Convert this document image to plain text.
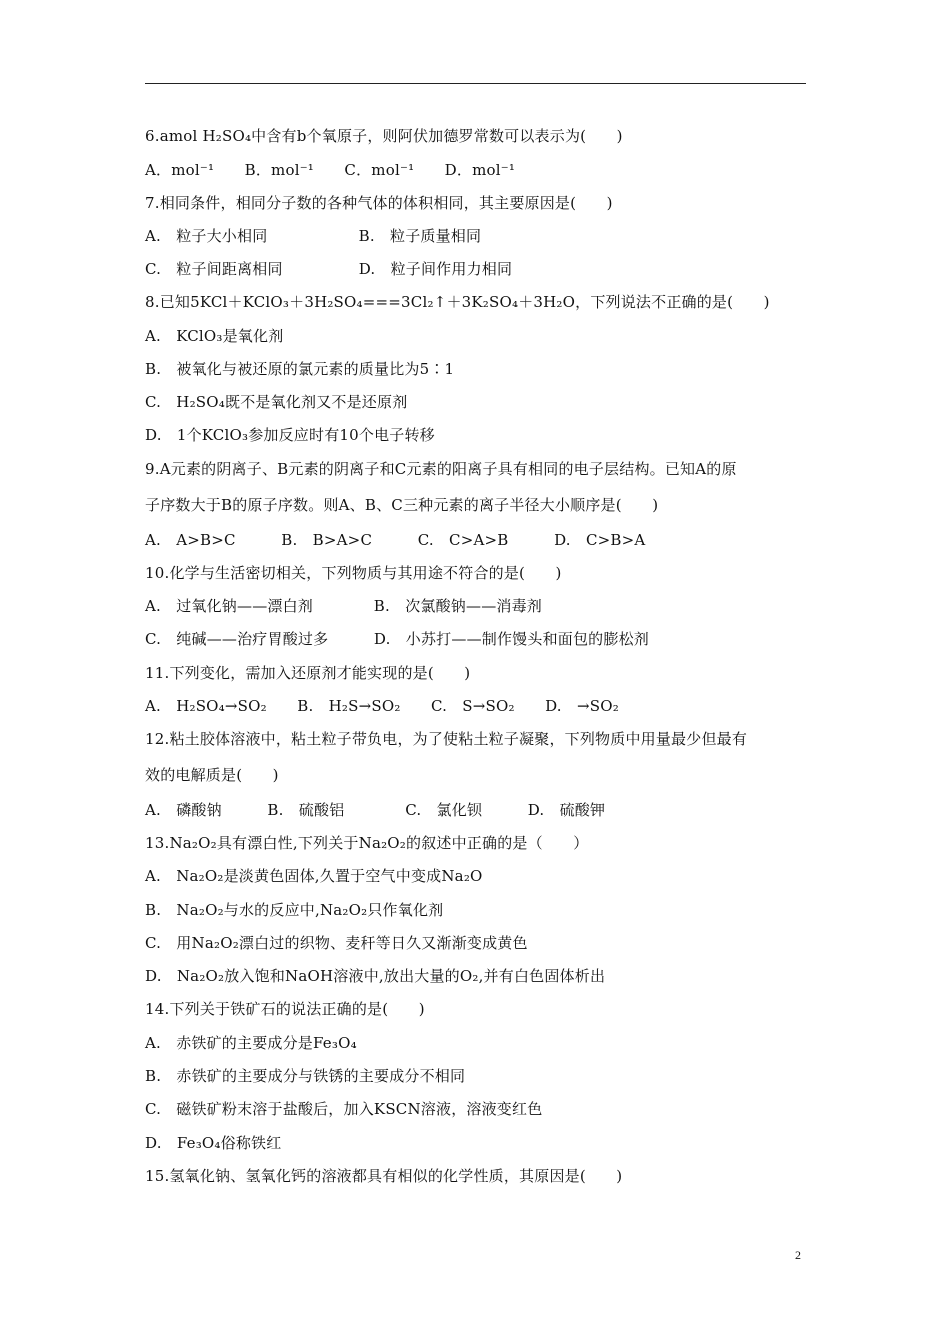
6.amol H₂SO₄中含有b个氧原子，则阿伏加德罗常数可以表示为(　　)
A．mol⁻¹　　B．mol⁻¹　　C．mol⁻¹　　D．mol⁻¹
7.相同条件，相同分子数的各种气体的体积相同，其主要原因是(　　)
A.　粒子大小相同　　　　　　B.　粒子质量相同
C.　粒子间距离相同　　　　　D.　粒子间作用力相同
8.已知5KCl＋KClO₃＋3H₂SO₄===3Cl₂↑＋3K₂SO₄＋3H₂O，下列说法不正确的是(　　)
A.　KClO₃是氧化剂
B.　被氧化与被还原的氯元素的质量比为5∶1
C.　H₂SO₄既不是氧化剂又不是还原剂
D.　1个KClO₃参加反应时有10个电子转移
9.A元素的阴离子、B元素的阴离子和C元素的阳离子具有相同的电子层结构。已知A的原
子序数大于B的原子序数。则A、B、C三种元素的离子半径大小顺序是(　　)
A.　A>B>C　　　B.　B>A>C　　　C.　C>A>B　　　D.　C>B>A
10.化学与生活密切相关，下列物质与其用途不符合的是(　　)
A.　过氧化钠——漂白剂　　　　B.　次氯酸钠——消毒剂
C.　纯碱——治疗胃酸过多　　　D.　小苏打——制作馒头和面包的膨松剂
11.下列变化，需加入还原剂才能实现的是(　　)
A.　H₂SO₄→SO₂　　B.　H₂S→SO₂　　C.　S→SO₂　　D.　→SO₂
12.粘土胶体溶液中，粘土粒子带负电，为了使粘土粒子凝聚，下列物质中用量最少但最有
效的电解质是(　　)
A.　磷酸钠　　　B.　硫酸铝　　　　C.　氯化钡　　　D.　硫酸钾
13.Na₂O₂具有漂白性,下列关于Na₂O₂的叙述中正确的是（　　）
A.　Na₂O₂是淡黄色固体,久置于空气中变成Na₂O
B.　Na₂O₂与水的反应中,Na₂O₂只作氧化剂
C.　用Na₂O₂漂白过的织物、麦秆等日久又渐渐变成黄色
D.　Na₂O₂放入饱和NaOH溶液中,放出大量的O₂,并有白色固体析出
14.下列关于铁矿石的说法正确的是(　　)
A.　赤铁矿的主要成分是Fe₃O₄
B.　赤铁矿的主要成分与铁锈的主要成分不相同
C.　磁铁矿粉末溶于盐酸后，加入KSCN溶液，溶液变红色
D.　Fe₃O₄俗称铁红
15.氢氧化钠、氢氧化钙的溶液都具有相似的化学性质，其原因是(　　)
2
